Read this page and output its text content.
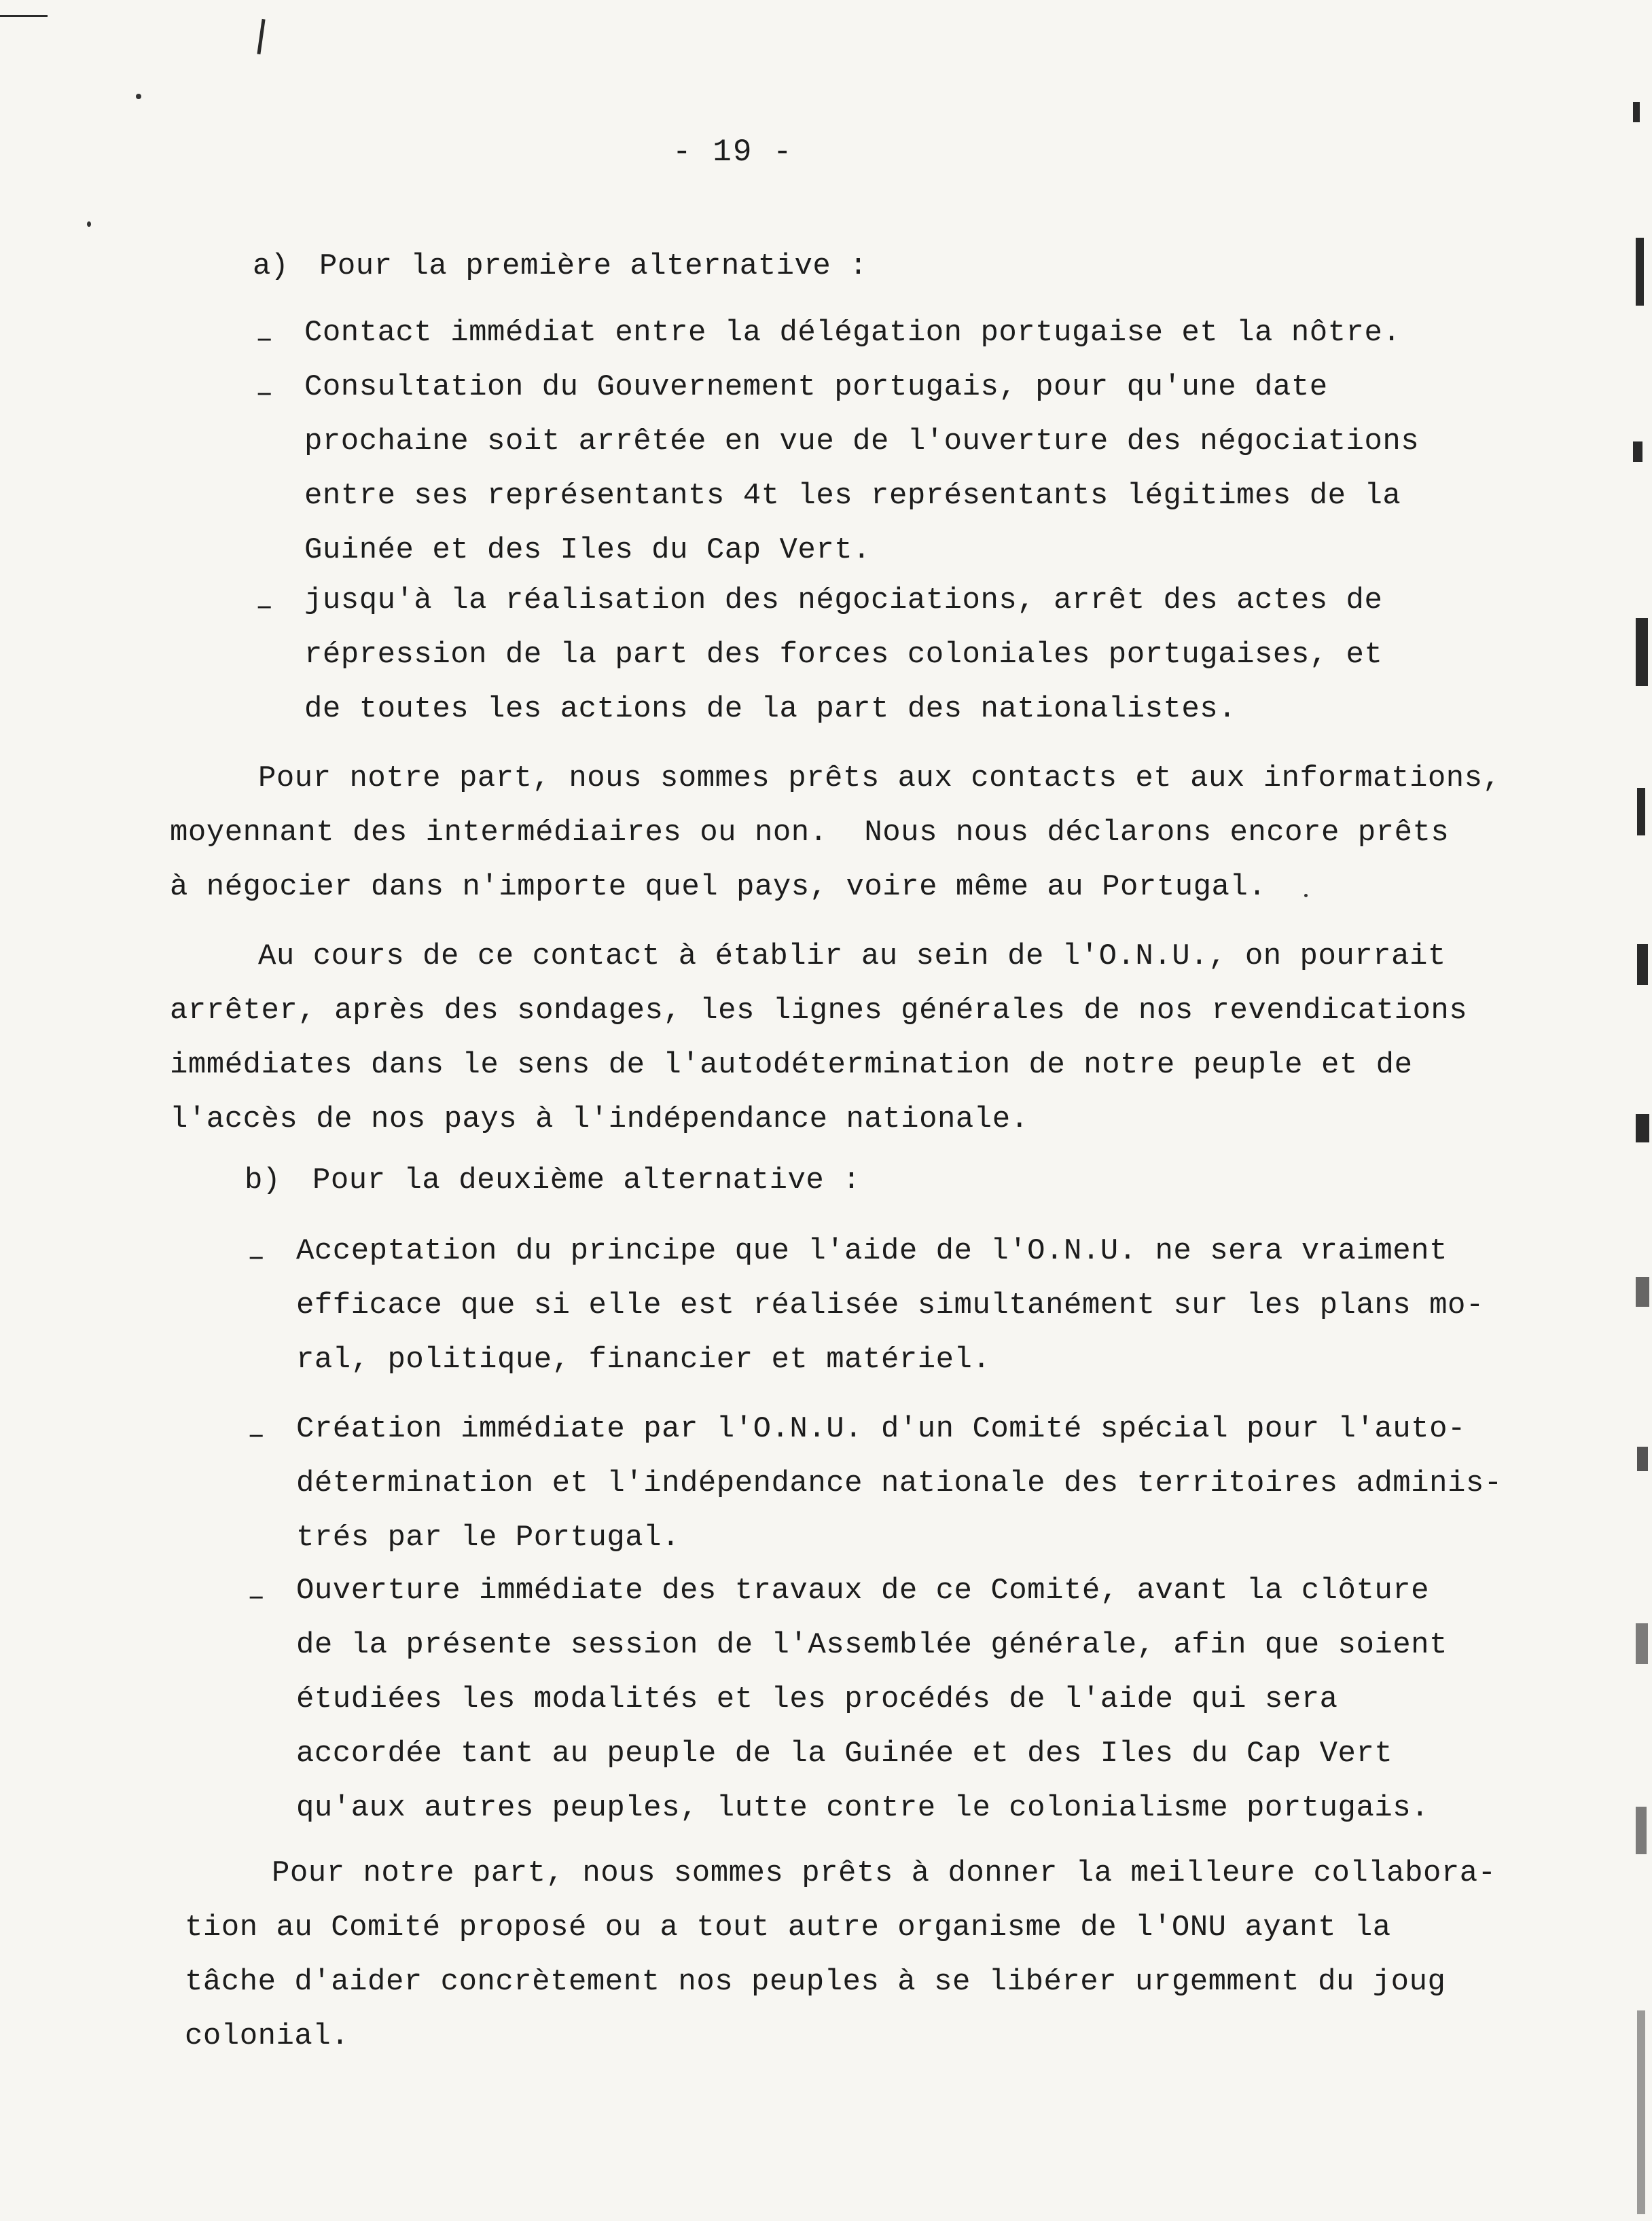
- 19 -
a) Pour la première alternative :
– Contact immédiat entre la délégation portugaise et la nôtre.
– Consultation du Gouvernement portugais, pour qu'une date
prochaine soit arrêtée en vue de l'ouverture des négociations
entre ses représentants 4t les représentants légitimes de la
Guinée et des Iles du Cap Vert.
– jusqu'à la réalisation des négociations, arrêt des actes de
répression de la part des forces coloniales portugaises, et
de toutes les actions de la part des nationalistes.
Pour notre part, nous sommes prêts aux contacts et aux informations,
moyennant des intermédiaires ou non.  Nous nous déclarons encore prêts
à négocier dans n'importe quel pays, voire même au Portugal.
Au cours de ce contact à établir au sein de l'O.N.U., on pourrait
arrêter, après des sondages, les lignes générales de nos revendications
immédiates dans le sens de l'autodétermination de notre peuple et de
l'accès de nos pays à l'indépendance nationale.
b) Pour la deuxième alternative :
– Acceptation du principe que l'aide de l'O.N.U. ne sera vraiment
efficace que si elle est réalisée simultanément sur les plans mo-
ral, politique, financier et matériel.
– Création immédiate par l'O.N.U. d'un Comité spécial pour l'auto-
détermination et l'indépendance nationale des territoires adminis-
trés par le Portugal.
– Ouverture immédiate des travaux de ce Comité, avant la clôture
de la présente session de l'Assemblée générale, afin que soient
étudiées les modalités et les procédés de l'aide qui sera
accordée tant au peuple de la Guinée et des Iles du Cap Vert
qu'aux autres peuples, lutte contre le colonialisme portugais.
Pour notre part, nous sommes prêts à donner la meilleure collabora-
tion au Comité proposé ou a tout autre organisme de l'ONU ayant la
tâche d'aider concrètement nos peuples à se libérer urgemment du joug
colonial.
